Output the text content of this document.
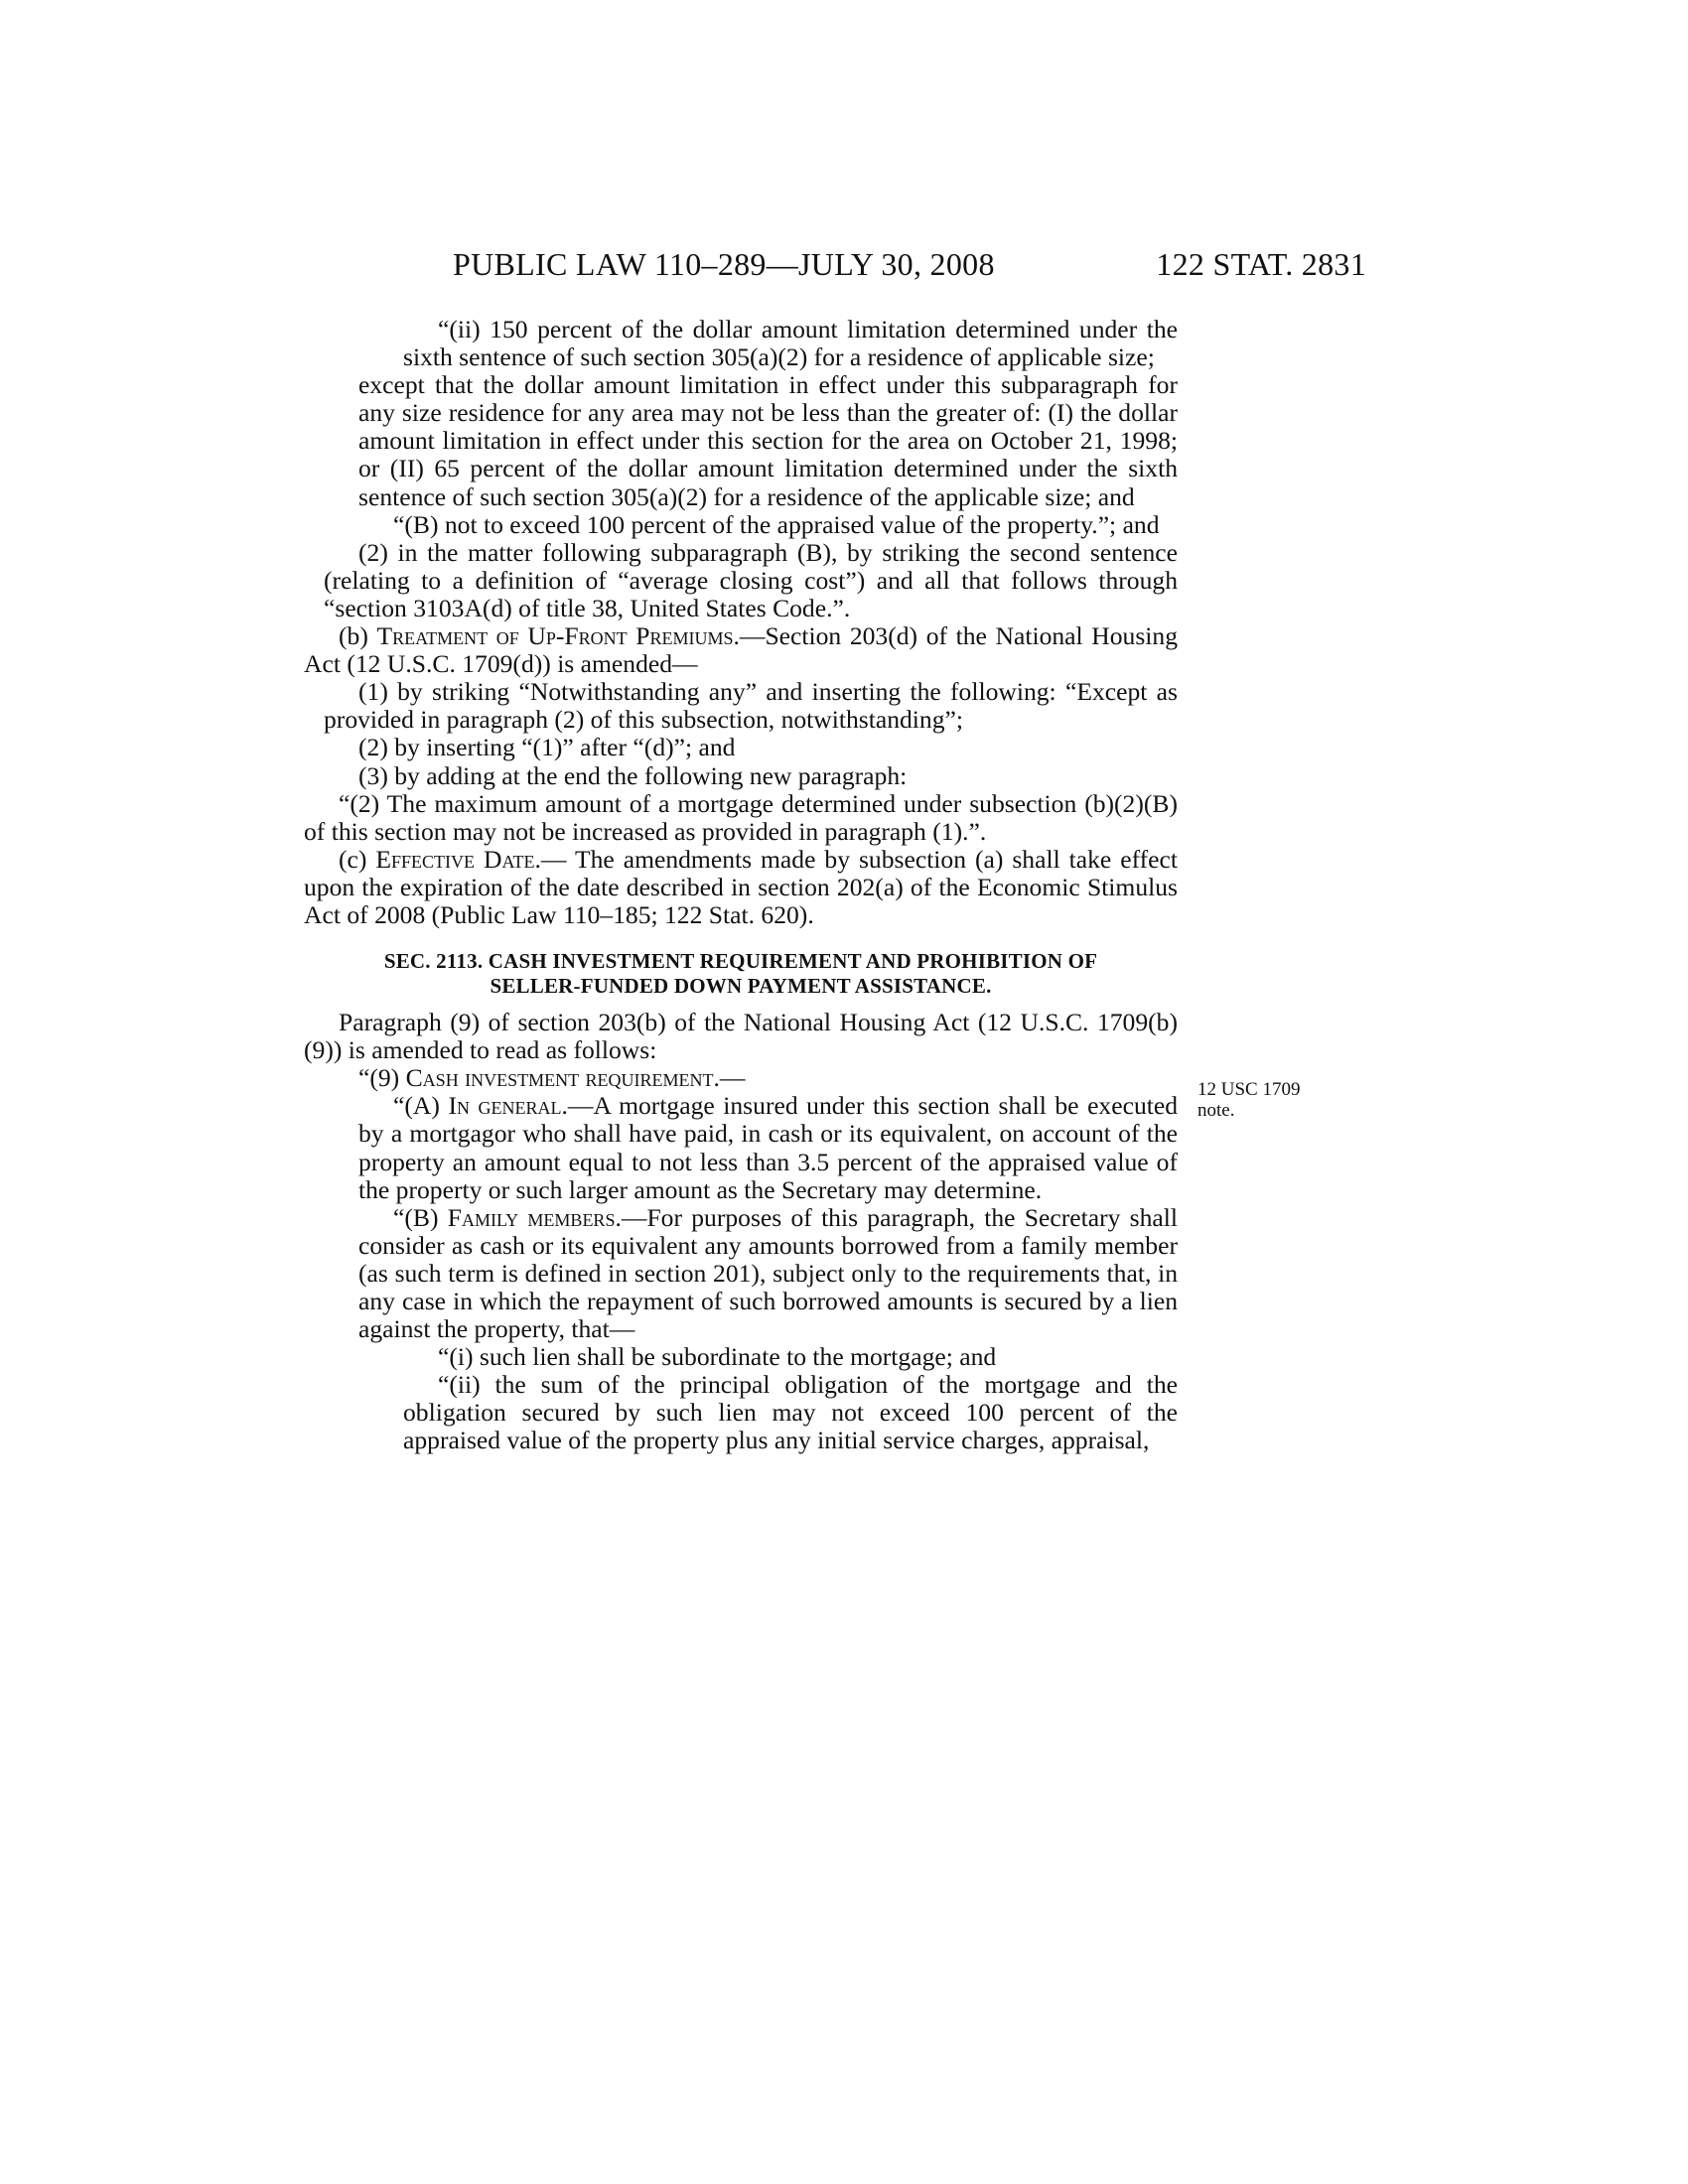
PUBLIC LAW 110–289—JULY 30, 2008	122 STAT. 2831
12 USC 1709
note.

“(ii) 150 percent of the dollar amount limitation determined under the sixth sentence of such section 305(a)(2) for a residence of applicable size;

except that the dollar amount limitation in effect under this subparagraph for any size residence for any area may not be less than the greater of: (I) the dollar amount limitation in effect under this section for the area on October 21, 1998; or (II) 65 percent of the dollar amount limitation determined under the sixth sentence of such section 305(a)(2) for a residence of the applicable size; and

“(B) not to exceed 100 percent of the appraised value of the property.”; and

(2) in the matter following subparagraph (B), by striking the second sentence (relating to a definition of “average closing cost”) and all that follows through “section 3103A(d) of title 38, United States Code.”.

(b) Treatment of Up-Front Premiums.—Section 203(d) of the National Housing Act (12 U.S.C. 1709(d)) is amended—

(1) by striking “Notwithstanding any” and inserting the following: “Except as provided in paragraph (2) of this subsection, notwithstanding”;

(2) by inserting “(1)” after “(d)”; and

(3) by adding at the end the following new paragraph:

“(2) The maximum amount of a mortgage determined under subsection (b)(2)(B) of this section may not be increased as provided in paragraph (1).”.

(c) Effective Date.— The amendments made by subsection (a) shall take effect upon the expiration of the date described in section 202(a) of the Economic Stimulus Act of 2008 (Public Law 110–185; 122 Stat. 620).

SEC. 2113. CASH INVESTMENT REQUIREMENT AND PROHIBITION OF
SELLER-FUNDED DOWN PAYMENT ASSISTANCE.

Paragraph (9) of section 203(b) of the National Housing Act (12 U.S.C. 1709(b)(9)) is amended to read as follows:

“(9) Cash investment requirement.—

“(A) In general.—A mortgage insured under this section shall be executed by a mortgagor who shall have paid, in cash or its equivalent, on account of the property an amount equal to not less than 3.5 percent of the appraised value of the property or such larger amount as the Secretary may determine.

“(B) Family members.—For purposes of this paragraph, the Secretary shall consider as cash or its equivalent any amounts borrowed from a family member (as such term is defined in section 201), subject only to the requirements that, in any case in which the repayment of such borrowed amounts is secured by a lien against the property, that—

“(i) such lien shall be subordinate to the mortgage; and

“(ii) the sum of the principal obligation of the mortgage and the obligation secured by such lien may not exceed 100 percent of the appraised value of the property plus any initial service charges, appraisal,
